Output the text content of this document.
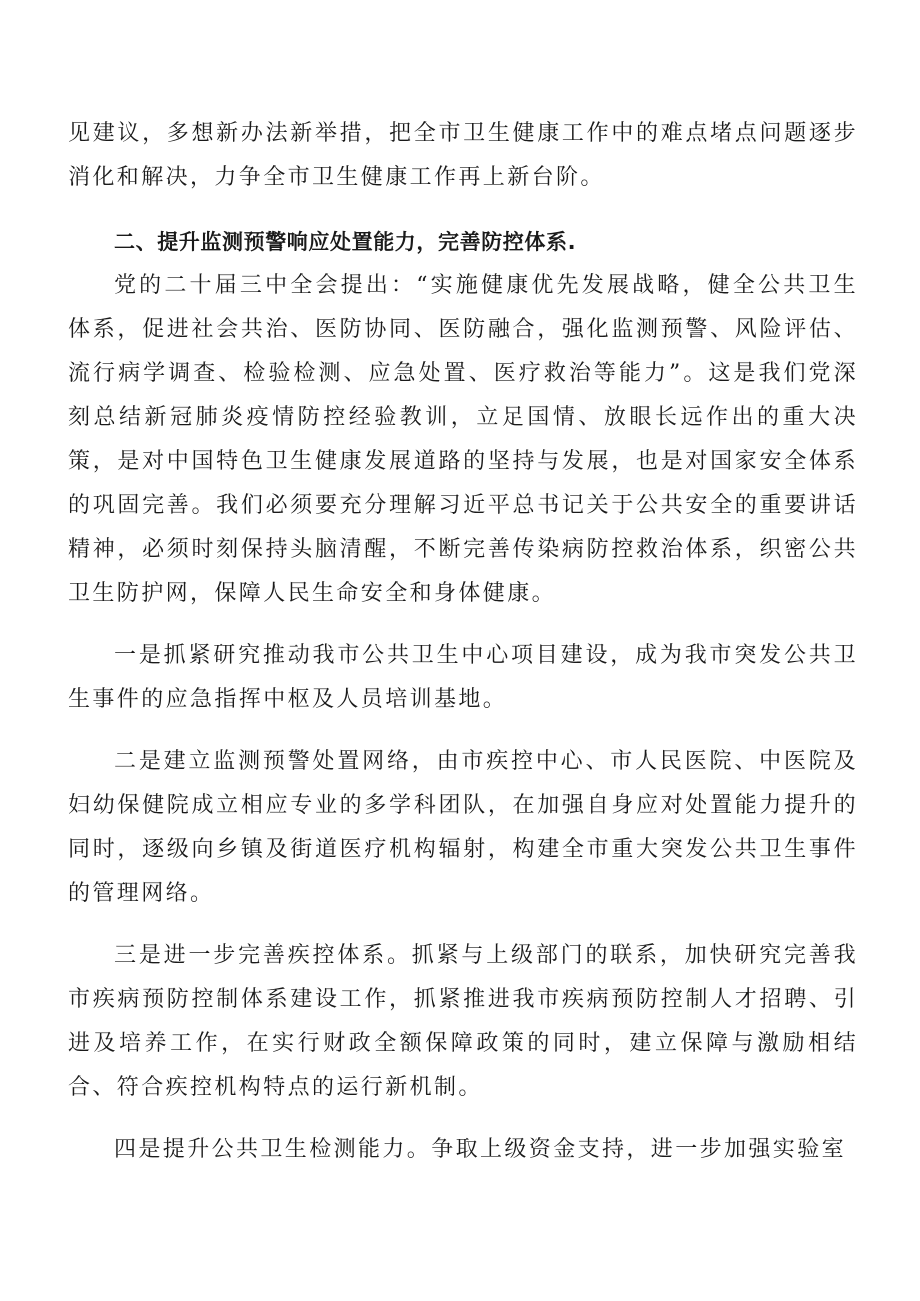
见建议，多想新办法新举措，把全市卫生健康工作中的难点堵点问题逐步消化和解决，力争全市卫生健康工作再上新台阶。

二、提升监测预警响应处置能力，完善防控体系.

党的二十届三中全会提出：“实施健康优先发展战略，健全公共卫生体系，促进社会共治、医防协同、医防融合，强化监测预警、风险评估、流行病学调查、检验检测、应急处置、医疗救治等能力”。这是我们党深刻总结新冠肺炎疫情防控经验教训，立足国情、放眼长远作出的重大决策，是对中国特色卫生健康发展道路的坚持与发展，也是对国家安全体系的巩固完善。我们必须要充分理解习近平总书记关于公共安全的重要讲话精神，必须时刻保持头脑清醒，不断完善传染病防控救治体系，织密公共卫生防护网，保障人民生命安全和身体健康。

一是抓紧研究推动我市公共卫生中心项目建设，成为我市突发公共卫生事件的应急指挥中枢及人员培训基地。

二是建立监测预警处置网络，由市疾控中心、市人民医院、中医院及妇幼保健院成立相应专业的多学科团队，在加强自身应对处置能力提升的同时，逐级向乡镇及街道医疗机构辐射，构建全市重大突发公共卫生事件的管理网络。

三是进一步完善疾控体系。抓紧与上级部门的联系，加快研究完善我市疾病预防控制体系建设工作，抓紧推进我市疾病预防控制人才招聘、引进及培养工作，在实行财政全额保障政策的同时，建立保障与激励相结合、符合疾控机构特点的运行新机制。

四是提升公共卫生检测能力。争取上级资金支持，进一步加强实验室
